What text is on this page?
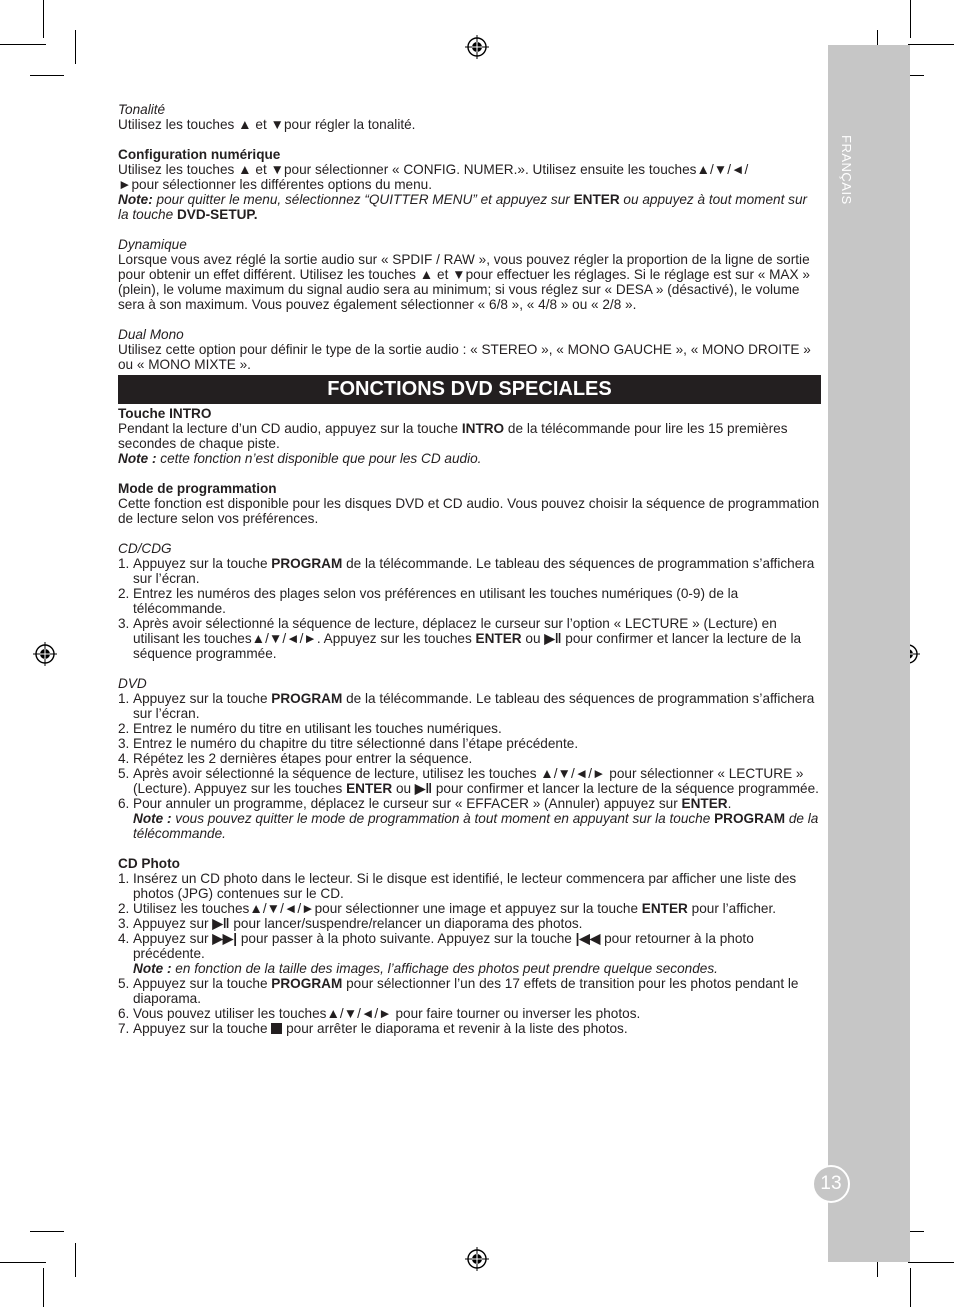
FRANÇAIS
13

Tonalité

Utilisez les touches ▲ et ▼pour régler la tonalité.

Configuration numérique

Utilisez les touches ▲ et ▼pour sélectionner « CONFIG. NUMER.». Utilisez ensuite les touches▲/▼/◄/
►pour sélectionner les différentes options du menu.

Note: pour quitter le menu, sélectionnez “QUITTER MENU” et appuyez sur ENTER ou appuyez à tout moment sur la touche DVD-SETUP.

Dynamique

Lorsque vous avez réglé la sortie audio sur « SPDIF / RAW », vous pouvez régler la proportion de la ligne de sortie pour obtenir un effet différent. Utilisez les touches ▲ et ▼pour effectuer les réglages. Si le réglage est sur « MAX » (plein), le volume maximum du signal audio sera au minimum; si vous réglez sur « DESA » (désactivé), le volume sera à son maximum. Vous pouvez également sélectionner « 6/8 », « 4/8 » ou « 2/8 ».

Dual Mono

Utilisez cette option pour définir le type de la sortie audio : « STEREO », « MONO GAUCHE », « MONO DROITE » ou « MONO MIXTE ».

FONCTIONS DVD SPECIALES

Touche INTRO

Pendant la lecture d’un CD audio, appuyez sur la touche INTRO de la télécommande pour lire les 15 premières secondes de chaque piste.

Note : cette fonction n’est disponible que pour les CD audio.

Mode de programmation

Cette fonction est disponible pour les disques DVD et CD audio. Vous pouvez choisir la séquence de programmation de lecture selon vos préférences.

CD/CDG

1. Appuyez sur la touche PROGRAM de la télécommande. Le tableau des séquences de programmation s’affichera sur l’écran.
2. Entrez les numéros des plages selon vos préférences en utilisant les touches numériques (0-9) de la télécommande.
3. Après avoir sélectionné la séquence de lecture, déplacez le curseur sur l’option « LECTURE » (Lecture) en utilisant les touches▲/▼/◄/►. Appuyez sur les touches ENTER ou ▶‖ pour confirmer et lancer la lecture de la séquence programmée.

DVD

1. Appuyez sur la touche PROGRAM de la télécommande. Le tableau des séquences de programmation s’affichera sur l’écran.
2. Entrez le numéro du titre en utilisant les touches numériques.
3. Entrez le numéro du chapitre du titre sélectionné dans l’étape précédente.
4. Répétez les 2 dernières étapes pour entrer la séquence.
5. Après avoir sélectionné la séquence de lecture, utilisez les touches ▲/▼/◄/► pour sélectionner « LECTURE » (Lecture). Appuyez sur les touches ENTER ou ▶‖ pour confirmer et lancer la lecture de la séquence programmée.
6. Pour annuler un programme, déplacez le curseur sur « EFFACER » (Annuler) appuyez sur ENTER.
Note : vous pouvez quitter le mode de programmation à tout moment en appuyant sur la touche PROGRAM de la télécommande.

CD Photo

1. Insérez un CD photo dans le lecteur. Si le disque est identifié, le lecteur commencera par afficher une liste des photos (JPG) contenues sur le CD.
2. Utilisez les touches▲/▼/◄/►pour sélectionner une image et appuyez sur la touche ENTER pour l’afficher.
3. Appuyez sur ▶‖ pour lancer/suspendre/relancer un diaporama des photos.
4. Appuyez sur ▶▶| pour passer à la photo suivante. Appuyez sur la touche |◀◀ pour retourner à la photo précédente.
Note : en fonction de la taille des images, l’affichage des photos peut prendre quelque secondes.
5. Appuyez sur la touche PROGRAM pour sélectionner l’un des 17 effets de transition pour les photos pendant le diaporama.
6. Vous pouvez utiliser les touches▲/▼/◄/► pour faire tourner ou inverser les photos.
7. Appuyez sur la touche  pour arrêter le diaporama et revenir à la liste des photos.
